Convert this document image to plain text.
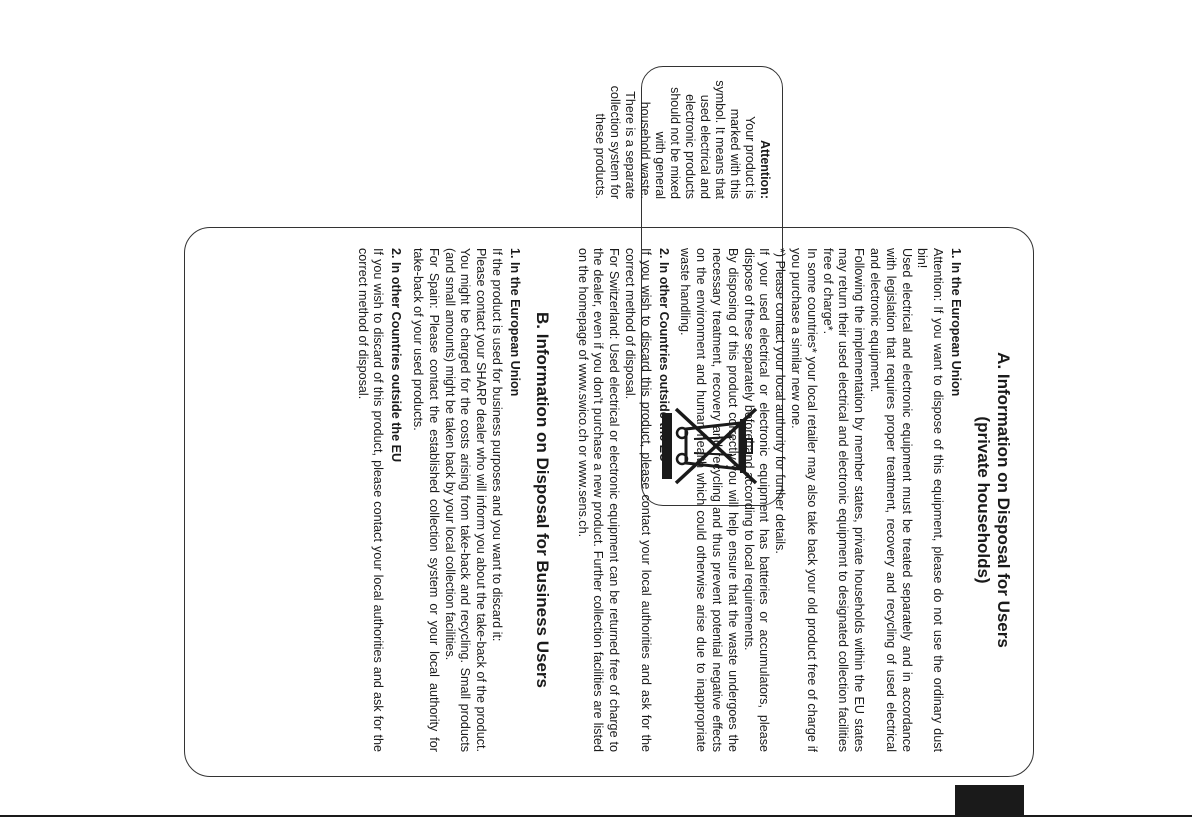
Attention:
Your product is marked with this symbol. It means that used electrical and electronic products should not be mixed with general household waste. There is a separate collection system for these products.
A. Information on Disposal for Users
(private households)
1. In the European Union

Attention: If you want to dispose of this equipment, please do not use the ordinary dust bin!

Used electrical and electronic equipment must be treated separately and in accordance with legislation that requires proper treatment, recovery and recycling of used electrical and electronic equipment.

Following the implementation by member states, private households within the EU states may return their used electrical and electronic equipment to designated collection facilities free of charge*.

In some countries* your local retailer may also take back your old product free of charge if you purchase a similar new one.

*) Please contact your local authority for further details.

If your used electrical or electronic equipment has batteries or accumulators, please dispose of these separately beforehand according to local requirements.

By disposing of this product correctly you will help ensure that the waste undergoes the necessary treatment, recovery and recycling and thus prevent potential negative effects on the environment and human health which could otherwise arise due to inappropriate waste handling.

2. In other Countries outside the EU

If you wish to discard this product, please contact your local authorities and ask for the correct method of disposal.

For Switzerland: Used electrical or electronic equipment can be returned free of charge to the dealer, even if you don't purchase a new product. Further collection facilities are listed on the homepage of www.swico.ch or www.sens.ch.

B. Information on Disposal for Business Users
1. In the European Union

If the product is used for business purposes and you want to discard it:

Please contact your SHARP dealer who will inform you about the take-back of the product. You might be charged for the costs arising from take-back and recycling. Small products (and small amounts) might be taken back by your local collection facilities.

For Spain: Please contact the established collection system or your local authority for take-back of your used products.

2. In other Countries outside the EU

If you wish to discard of this product, please contact your local authorities and ask for the correct method of disposal.
